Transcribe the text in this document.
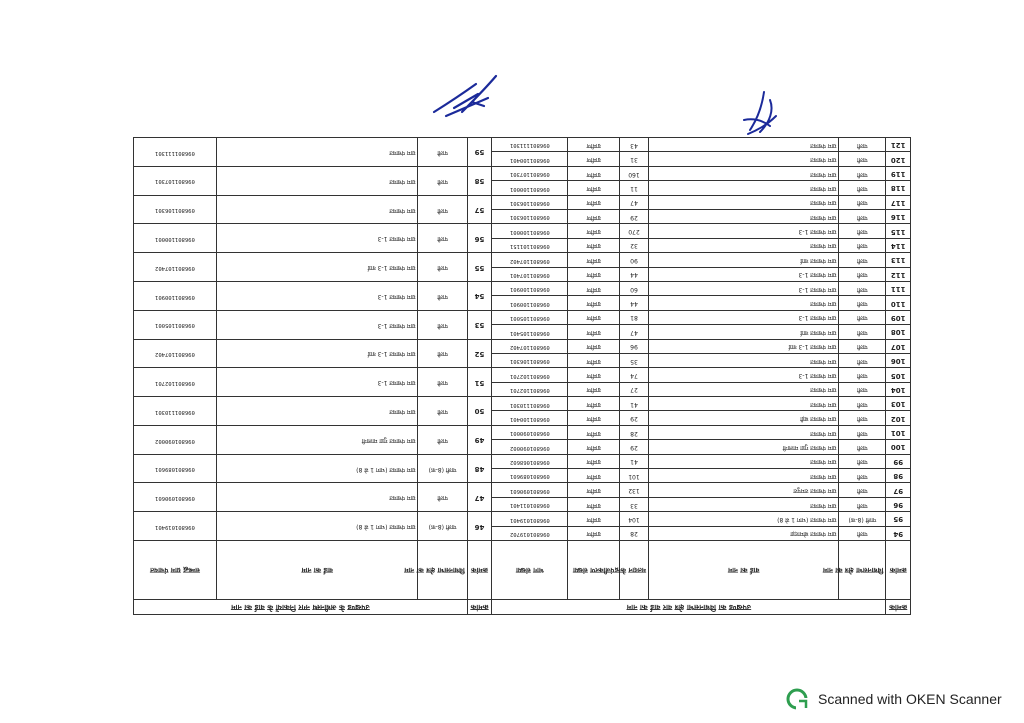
क्रमांक	उपखण्ड का विधानसभा क्षेत्र वार वार्ड का नाम					क्रमांक	उपखण्ड के अधीनस्थ नगर निकायों के वार्ड का नाम		
क्रमांक	विधानसभा क्षेत्र का नाम	वार्ड का नाम	मतदान केन्द्र	पंजीकरण संख्या	भाग संख्या	क्रमांक	विधानसभा क्षेत्र का नाम	वार्ड का नाम	सम्बद्ध ग्राम पंचायत
94	पाली	ग्राम पंचायत बोमादड़ा	28	ग्रामीण	096801019702	46	पाली (8-क)	ग्राम पंचायत (भाग 1 से 8)	096801019401
95	पाली (8-क)	ग्राम पंचायत (भाग 1 से 8)	104	ग्रामीण	096801019401				
96	पाली	ग्राम पंचायत	33	ग्रामीण	096801011401	47	पाली	ग्राम पंचायत	096801090601
97	पाली	ग्राम पंचायत रामपुरा	132	ग्रामीण	096801090601				
98	पाली	ग्राम पंचायत	101	ग्रामीण	096801089601	48	पाली (8-क)	ग्राम पंचायत (भाग 1 से 8)	096801089601
99	पाली	ग्राम पंचायत	41	ग्रामीण	096801068602				
100	पाली	ग्राम पंचायत गुडा मालानी	29	ग्रामीण	096801090002	49	पाली	ग्राम पंचायत गुडा मालानी	096801090002
101	पाली	ग्राम पंचायत	28	ग्रामीण	096801090001				
102	पाली	ग्राम पंचायत बड़ी	29	ग्रामीण	096801100401	50	पाली	ग्राम पंचायत	096801110301
103	पाली	ग्राम पंचायत	41	ग्रामीण	096801110301				
104	पाली	ग्राम पंचायत	27	ग्रामीण	096801102701	51	पाली	ग्राम पंचायत 1-3	096801102701
105	पाली	ग्राम पंचायत 1-3	74	ग्रामीण	096801102701				
106	पाली	ग्राम पंचायत	35	ग्रामीण	096801106301	52	पाली	ग्राम पंचायत 1-3 वार्ड	096801107402
107	पाली	ग्राम पंचायत 1-3 वार्ड	96	ग्रामीण	096801107402				
108	पाली	ग्राम पंचायत वार्ड	47	ग्रामीण	096801105401	53	पाली	ग्राम पंचायत 1-3	096801105001
109	पाली	ग्राम पंचायत 1-3	81	ग्रामीण	096801105001				
110	पाली	ग्राम पंचायत	44	ग्रामीण	096801100901	54	पाली	ग्राम पंचायत 1-3	096801100901
111	पाली	ग्राम पंचायत 1-3	60	ग्रामीण	096801100901				
112	पाली	ग्राम पंचायत 1-3	44	ग्रामीण	096801107401	55	पाली	ग्राम पंचायत 1-3 वार्ड	096801107402
113	पाली	ग्राम पंचायत वार्ड	90	ग्रामीण	096801107402				
114	पाली	ग्राम पंचायत	32	ग्रामीण	096801101151	56	पाली	ग्राम पंचायत 1-3	096801100001
115	पाली	ग्राम पंचायत 1-3	270	ग्रामीण	096801100001				
116	पाली	ग्राम पंचायत	29	ग्रामीण	096801106301	57	पाली	ग्राम पंचायत	096801106301
117	पाली	ग्राम पंचायत	47	ग्रामीण	096801106301				
118	पाली	ग्राम पंचायत	11	ग्रामीण	096801100001	58	पाली	ग्राम पंचायत	096801107301
119	पाली	ग्राम पंचायत	160	ग्रामीण	096801107301				
120	पाली	ग्राम पंचायत	31	ग्रामीण	096801100401	59	पाली	ग्राम पंचायत	096801111301
121	पाली	ग्राम पंचायत	43	ग्रामीण	096801111301				
Scanned with OKEN Scanner
